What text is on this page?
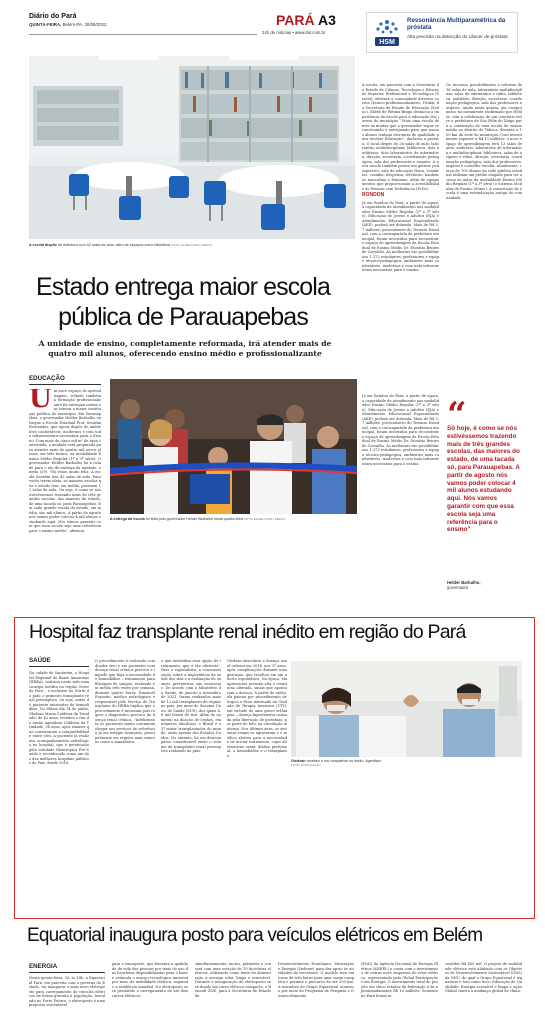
Diário do Pará
QUINTA-FEIRA, Belém-PA, 30/06/2022	PARÁ A3
24h de notícias • www.dol.com.br
HSM
Ressonância Multiparamétrica da próstata
Alta precisão na detecção do câncer de próstata
A escola dispõe de estrutura com 42 salas de aula, além de espaços como biblioteca FOTO: ELISEU DIAS / SEDUC
Estado entrega maior escola pública de Parauapebas
A unidade de ensino, completamente reformada, irá atender mais de quatro mil alunos, oferecendo ensino médio e profissionalizante
EDUCAÇÃO
Um novo espaço de aprendizagem, voltado também à formação profissionalizante foi entregue ontem e se tornou a maior instituição pública do município. Em Parauapebas, o governador Helder Barbalho entregue a Escola Estadual Prof. Serafim Fernandes, que agora dispõe de ambientes confortáveis, modernos e com toda infraestrutura necessária para o Ensino. Com mais de cinco mil m² de área construída, a unidade está preparada para atender mais de quatro mil novos alunos, em três turnos, na modalidade Ensino Médio Regular (1º a 3º série). O governador Helder Barbalho foi à cidade para o ato de entrega da unidade, ontem (29). "Eu estou muito feliz. A escola Serafim tem 42 salas de aula. Para vocês terem ideia, as maiores escolas que o estado tem, em média, possuem 12 salas de aula. Ou seja, é como se nós estivéssemos trazendo mais de três grandes escolas, das maiores do estado, de uma tacada só, para Parauapebas. Em cada grande escola do estado, em média, são mil alunos. A partir de agosto nós vamos poder colocar 4 mil alunos estudando aqui. Nós vamos garantir com que essa escola seja uma referência para o ensino médio", afirmou.
A entrega da escola foi feita pelo governador Helder Barbalho nesta quarta-feira FOTO: ELISEU DIAS / SEDUC
A escola, em parceria com a Secretaria de Estado de Ciência, Tecnologia e Educação Superior, Profissional e Tecnológica (Sectet), ofertará a comunidade diversos cursos técnico-profissionalizantes. Titular da Secretaria de Estado de Educação (Seduc), Elieth de Fátima Braga destacou a importância da escola para a educação dos jovens do município. "Mais uma escola dentre as muitas que o governador segue reconstruindo e entregando para que nossos alunos tenham estrutura de qualidade para receber Educação", declarou a gestora. O local dispõe de 26 salas de aula, laboratório multidisciplinar, biblioteca, dois auditórios, dois laboratórios de informática, direção, secretaria, coordenação pedagógica, sala dos professores e arquivo. A nova escola também possui um ginásio poliesportivo, sala de educação física, vestiários, cozinha, despensa, refeitório, banheiros masculino e feminino, além de equipamentos que proporcionam a acessibilidade às Pessoas com Deficiência (PcDs).
RONDON
Já em Rondon do Pará, a partir de agora, a capacidade de atendimento nas modalidades Ensino Médio Regular (1º a 3º série), Educação de Jovens e Adultos (EJA) e Atendimento Educacional Especializado (AEE), poderá ser dobrada. Mais de R$ 3,7 milhões, provenientes do Tesouro Estadual, com a contrapartida da prefeitura municipal, foram investidos para reconstruir o espaço de aprendizagem da Escola Estadual de Ensino Médio Dr. Dionísio Bentes de Carvalho. As melhorias vão possibilitar aos 1.372 estudantes, professores e equipe técnico-pedagógica, ambientes mais confortáveis, modernos e com toda infraestrutura necessária para o ensino.
Já em Rondon do Pará, a partir de agora, a capacidade de atendimento nas modalidades Ensino Médio Regular (1º a 3º série), Educação de Jovens e Adultos (EJA) e Atendimento Educacional Especializado (AEE), poderá ser dobrada. Mais de R$ 3,7 milhões, provenientes do Tesouro Estadual, com a contrapartida da prefeitura municipal, foram investidos para reconstruir o espaço de aprendizagem da Escola Estadual de Ensino Médio Dr. Dionísio Bentes de Carvalho. As melhorias vão possibilitar aos 1.372 estudantes, professores e equipe técnico-pedagógica, ambientes mais confortáveis, modernos e com toda infraestrutura necessária para o ensino.
Os recursos possibilitaram a reforma de 18 salas de aula, laboratório multidisciplinar, salas de informática e rádio, biblioteca, auditório, direção, secretaria, coordenação pedagógica, sala dos professores e arquivo. Ainda nesta quarta, um compromisso foi novamente reafirmado por Helder, com a celebração de um convênio entre a prefeitura de São Félix do Xingu para a construção de uma escola de ensino médio no distrito de Taboca, distante a 100 km da sede do município. Com investimento superior a R$ 11 milhões, o novo espaço de aprendizagem terá 12 salas de aula, auditório, laboratório de informática e multidisciplinar, biblioteca, salas de arquivo e vídeo, direção, secretaria, coordenação pedagógica, sala dos professores, arquivo e conselho escolar. Atualmente, cerca de 700 alunos da rede pública estadual utilizam um prédio alugado para ter acesso às aulas da modalidade Ensino Médio Regular (1º a 3º série) e Sistema Modular de Ensino (Some). A construção da escola é uma reivindicação antiga da comunidade.
“
Só hoje, é como se nós estivéssemos trazendo mais de três grandes escolas, das maiores do estado, de uma tacada só, para Parauapebas. A partir de agosto nós vamos poder colocar 4 mil alunos estudando aqui. Nós vamos garantir com que essa escola seja uma referência para o ensino”
Helder Barbalho,
governador
Hospital faz transplante renal inédito em região do Pará
SAÚDE
Na cidade de Santarém, o Hospital Regional do Baixo Amazonas (HRBA), realizou neste mês uma cirurgia inédita na região Oeste do Pará – e inclusive no Norte do país: o primeiro transplante renal preemptivo, ou seja, antes do paciente necessitar de hemodiálise. No último dia 14 de junho, Gledsan Maria Caldeira da Trindade, de 42 anos, recebeu o rim do irmão Agenilson Caldeira da Trindade, 36 anos, após exames que constataram a compatibilidade entre eles. A paciente já realizava acompanhamento nefrológico no hospital, que é gerenciado pela entidade filantrópica Pró-Saúde e reconhecido como um dos dez melhores hospitais públicos do País, desde 2016.
O procedimento é realizado com doador vivo e em pacientes com doença renal crônica precoce e impede que haja a necessidade de hemodiálise – tratamento para filtragem do sangue, realizado em média três vezes por semana, durante quatro horas. Emanuel Esposito, médico nefrologista e responsável pelo Serviço de Transplante do HRBA explica que o procedimento é incomum pois requer o diagnóstico precoce da doença renal crônica. "Infelizmente os pacientes muito costumam chegar aos serviços de referência já em estágio avançado, principalmente em regiões mais remotas como a Amazônica,
o que inviabiliza essa opção de tratamento, que é tão eficiente". Para o especialista, a conscientização sobre a importância da saúde dos rins e a realização de exames preventivos são essenciais. De acordo com o Ministério da Saúde, de janeiro a novembro de 2021, foram realizados mais de 12 mil transplantes de órgãos no país, por meio do Sistema Único de Saúde (SUS), dos quais 4,8 mil foram de rim. Além do aumento na doação de órgãos, em números absolutos, o Brasil é o 2º maior transplantador do mundo, atrás apenas dos Estados Unidos. No entanto, há um descompasso considerável entre o volume de transplante renal preemptivo realizado no país.
Gledsan descobriu a doença renal crônica em 2016, aos 37 anos, após complicações durante uma gestação, que resultou em um aborto espontâneo. Na época, ela apresentou pressão alta e creatinina alterada, sinais que apontaram a doença. A partir de então, ela passou por procedimento cirúrgico e ficou internada na Unidade de Terapia Intensiva (UTI), em virtude de uma grave eclâmpsia – doença hipertensiva causada pela liberação de proteínas, por parte do feto, na circulação materna. Nos últimos anos, os sintomas renais se agravaram e o médico alertou para a necessidade de iniciar tratamento, cujas alternativas eram: diálise peritoneal, a hemodiálise e o transplante.
Gledsan recebeu o rim compatível do irmão, Agenilson
FOTO: DIVULGAÇÃO
Equatorial inaugura posto para veículos elétricos em Belém
ENERGIA
Nesta quinta-feira, 30, às 18h, a Equatorial Pará, em parceria com o governo do Estado, vai inaugurar o mais novo eletroposto para carregamento de veículos elétricos de forma gratuita à população. Instalado no Porto Futuro, o eletroposto é uma proposta sustentável
para o transporte, que fomenta a qualidade de vida das pessoas por meio do uso das bicicletas disponibilizadas para o lazer e estimula o avanço tecnológico nacional por meio da mobilidade elétrica, seguindo a tendência mundial. No eletroposto será permitido o carregamento de até dois carros elétricos
simultaneamente, motos, patinetes e contará com uma estação de 10 bicicletas elétricas, utilizando como fonte de alimentação a energia solar, limpa e renovável. Durante a inauguração do eletroposto será doado um carro elétrico compacto, o Renault ZOE, para a Secretaria de Estado de
Desenvolvimento Econômico, Mineração e Energia (Sedeme) para dar apoio às atividades da secretaria. O modelo leva em torno de três horas para uma carga completa e permite o percurso de até 250 km. A iniciativa do Grupo Equatorial acontece por meio do Programa de Pesquisa e Desenvolvimento
(P&D) da Agência Nacional de Energia Elétrica (ANEEL) e conta com o investimento de outras nove empresas do setor elétrico, representado pela Global Participações em Energia. O investimento total do projeto em cinco estados da federação é de aproximadamente R$ 10 milhões. Somente no Pará foram in-
vestidos R$ 400 mil. O projeto de mobilidade elétrica está alinhado com os Objetivos de Desenvolvimento Sustentável (ODS) da ONU, do qual o Grupo Equatorial é signatário e tem como foco: Educação de Qualidade; Energia acessível e limpa e Ação Global contra a mudança global do clima.
